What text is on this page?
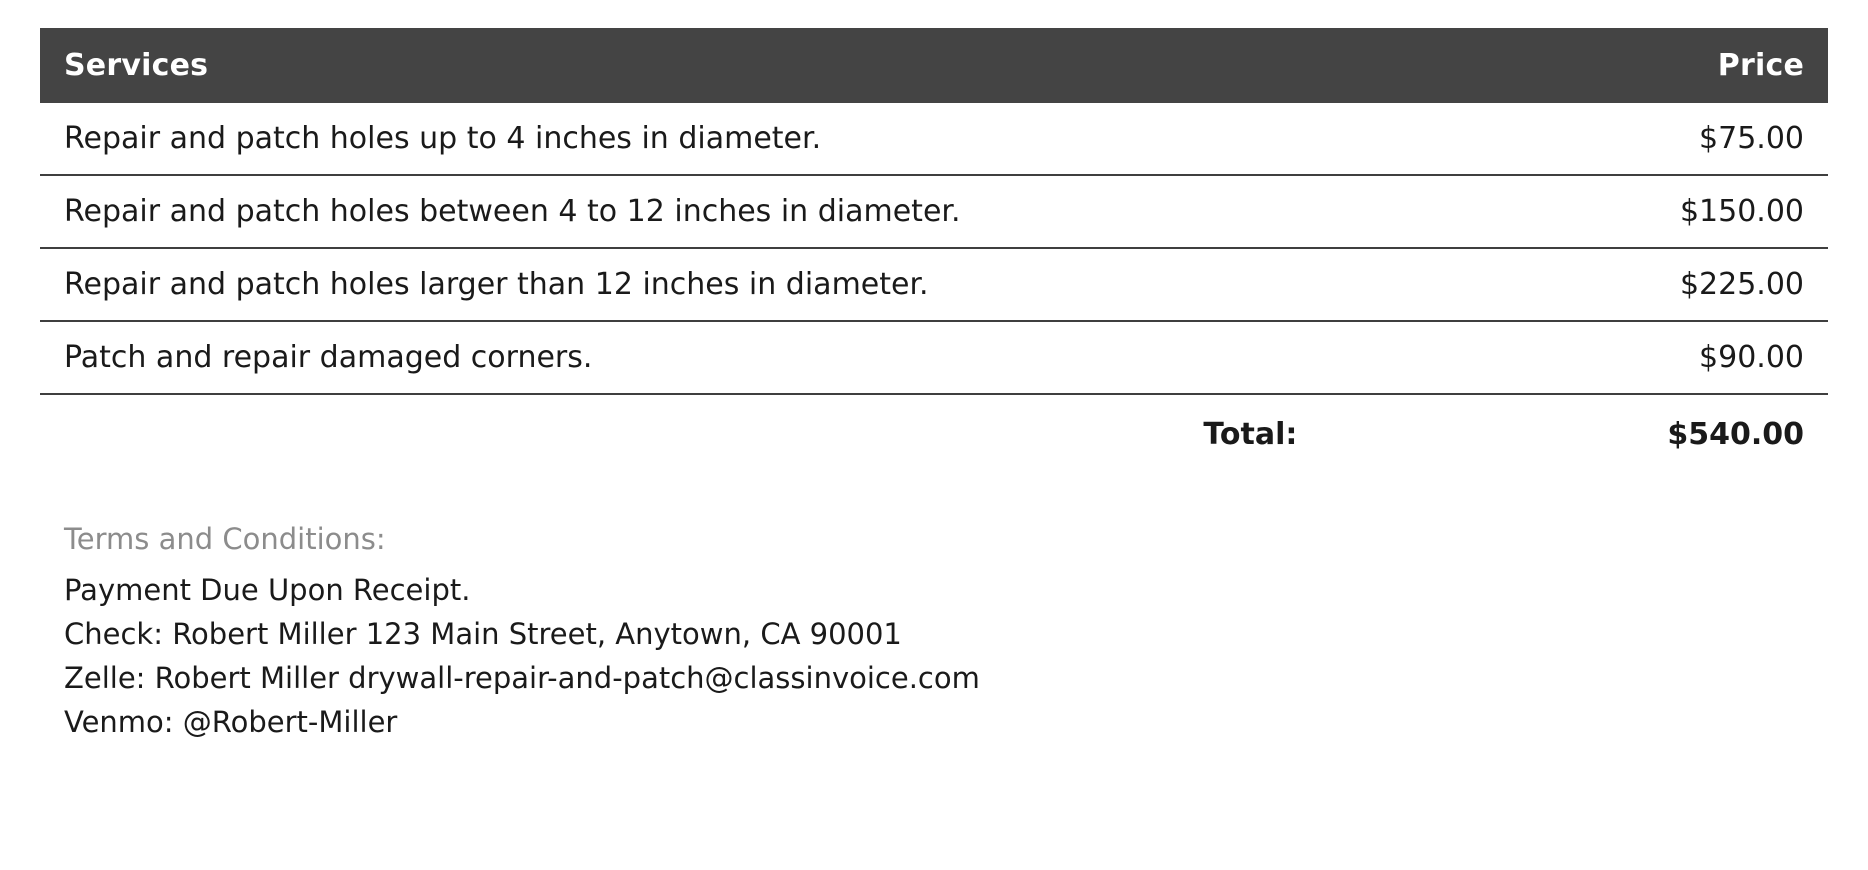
Services	Price
Repair and patch holes up to 4 inches in diameter.	$75.00
Repair and patch holes between 4 to 12 inches in diameter.	$150.00
Repair and patch holes larger than 12 inches in diameter.	$225.00
Patch and repair damaged corners.	$90.00
Total:	$540.00
Terms and Conditions:
Payment Due Upon Receipt.
Check: Robert Miller 123 Main Street, Anytown, CA 90001
Zelle: Robert Miller drywall-repair-and-patch@classinvoice.com
Venmo: @Robert-Miller
